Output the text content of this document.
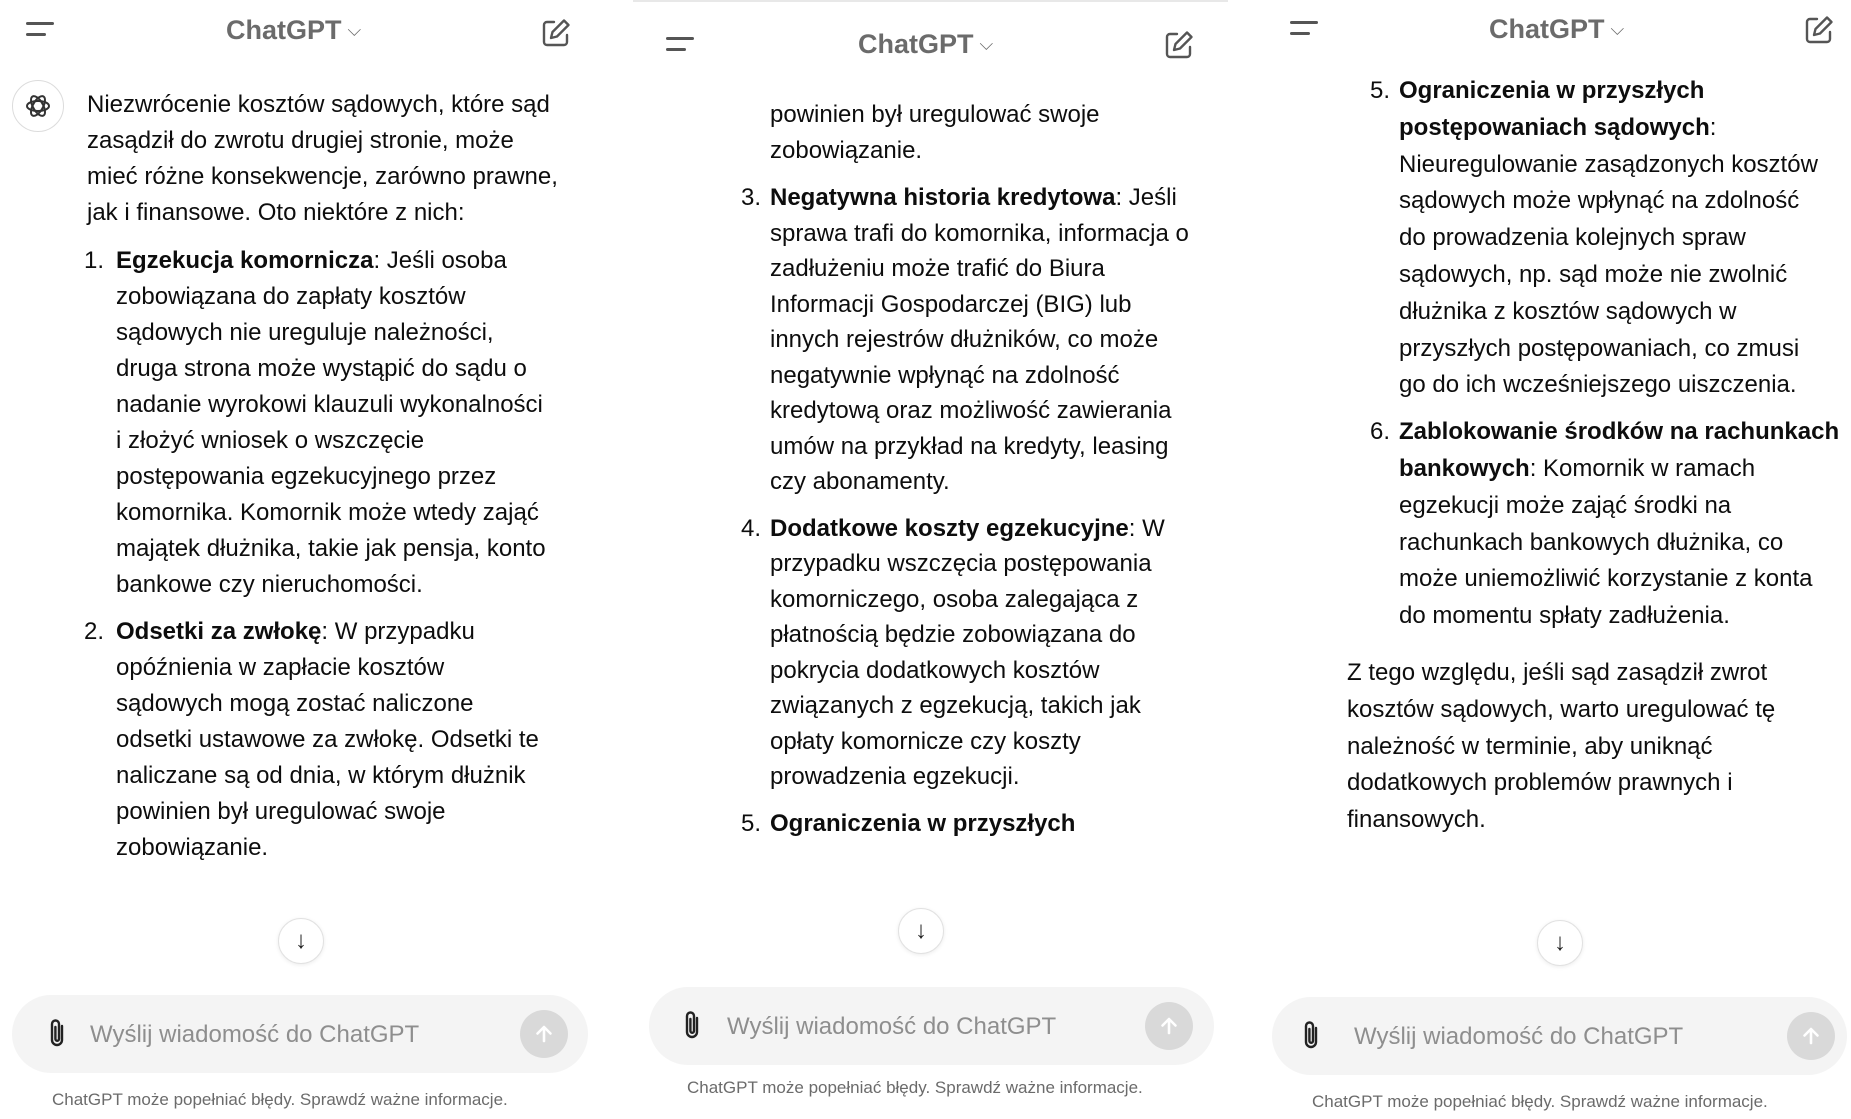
ChatGPT ⌵

Niezwrócenie kosztów sądowych, które sąd
zasądził do zwrotu drugiej stronie, może
mieć różne konsekwencje, zarówno prawne,
jak i finansowe. Oto niektóre z nich:

1. Egzekucja komornicza: Jeśli osoba
zobowiązana do zapłaty kosztów
sądowych nie ureguluje należności,
druga strona może wystąpić do sądu o
nadanie wyrokowi klauzuli wykonalności
i złożyć wniosek o wszczęcie
postępowania egzekucyjnego przez
komornika. Komornik może wtedy zająć
majątek dłużnika, takie jak pensja, konto
bankowe czy nieruchomości.
2. Odsetki za zwłokę: W przypadku
opóźnienia w zapłacie kosztów
sądowych mogą zostać naliczone
odsetki ustawowe za zwłokę. Odsetki te
naliczane są od dnia, w którym dłużnik
powinien był uregulować swoje
zobowiązanie.
↓
Wyślij wiadomość do ChatGPT
ChatGPT może popełniać błędy. Sprawdź ważne informacje.
ChatGPT ⌵

powinien był uregulować swoje
zobowiązanie.

3. Negatywna historia kredytowa: Jeśli
sprawa trafi do komornika, informacja o
zadłużeniu może trafić do Biura
Informacji Gospodarczej (BIG) lub
innych rejestrów dłużników, co może
negatywnie wpłynąć na zdolność
kredytową oraz możliwość zawierania
umów na przykład na kredyty, leasing
czy abonamenty.
4. Dodatkowe koszty egzekucyjne: W
przypadku wszczęcia postępowania
komorniczego, osoba zalegająca z
płatnością będzie zobowiązana do
pokrycia dodatkowych kosztów
związanych z egzekucją, takich jak
opłaty komornicze czy koszty
prowadzenia egzekucji.
5. Ograniczenia w przyszłych
↓
Wyślij wiadomość do ChatGPT
ChatGPT może popełniać błędy. Sprawdź ważne informacje.
ChatGPT ⌵
5. Ograniczenia w przyszłych
postępowaniach sądowych:
Nieuregulowanie zasądzonych kosztów
sądowych może wpłynąć na zdolność
do prowadzenia kolejnych spraw
sądowych, np. sąd może nie zwolnić
dłużnika z kosztów sądowych w
przyszłych postępowaniach, co zmusi
go do ich wcześniejszego uiszczenia.
6. Zablokowanie środków na rachunkach
bankowych: Komornik w ramach
egzekucji może zająć środki na
rachunkach bankowych dłużnika, co
może uniemożliwić korzystanie z konta
do momentu spłaty zadłużenia.

Z tego względu, jeśli sąd zasądził zwrot
kosztów sądowych, warto uregulować tę
należność w terminie, aby uniknąć
dodatkowych problemów prawnych i
finansowych.

↓
Wyślij wiadomość do ChatGPT
ChatGPT może popełniać błędy. Sprawdź ważne informacje.
